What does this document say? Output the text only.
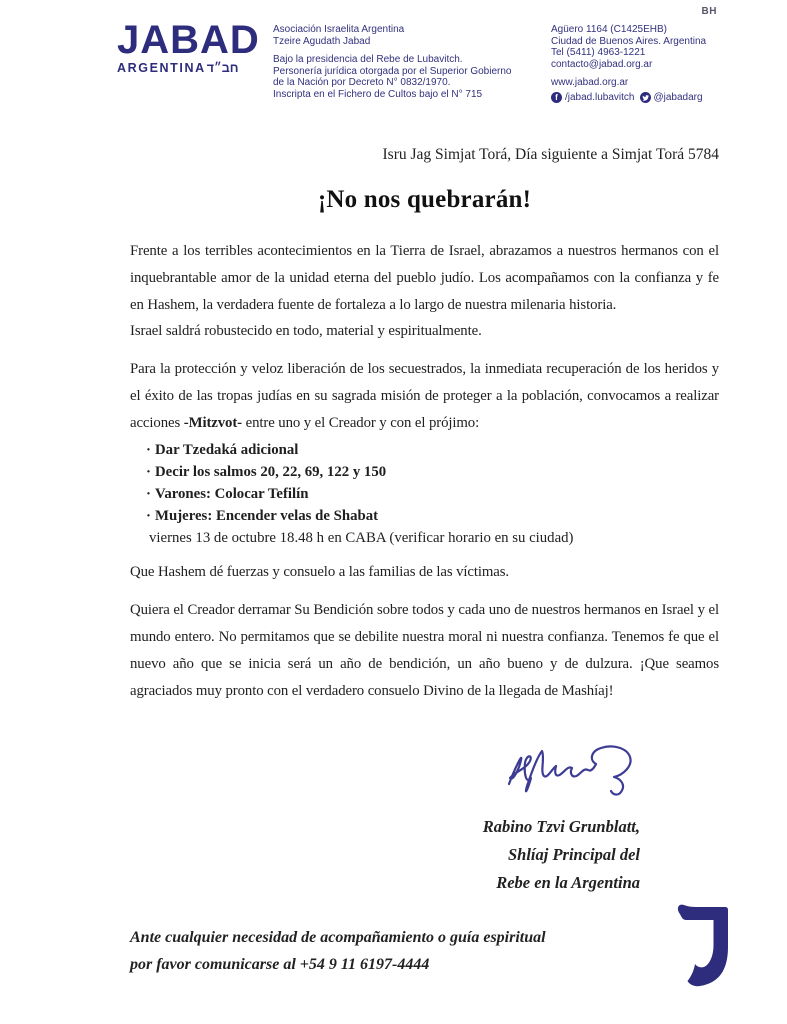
BH
JABAD
ARGENTINAחב״ד
Asociación Israelita Argentina
Tzeire Agudath Jabad
Bajo la presidencia del Rebe de Lubavitch.
Personería jurídica otorgada por el Superior Gobierno
de la Nación por Decreto N° 0832/1970.
Inscripta en el Fichero de Cultos bajo el N° 715
Agüero 1164 (C1425EHB)
Ciudad de Buenos Aires. Argentina
Tel (5411) 4963-1221
contacto@jabad.org.ar
www.jabad.org.ar
f /jabad.lubavitch @jabadarg
Isru Jag Simjat Torá, Día siguiente a Simjat Torá 5784
¡No nos quebrarán!

Frente a los terribles acontecimientos en la Tierra de Israel, abrazamos a nuestros hermanos con el inquebrantable amor de la unidad eterna del pueblo judío. Los acompañamos con la confianza y fe en Hashem, la verdadera fuente de fortaleza a lo largo de nuestra milenaria historia.

Israel saldrá robustecido en todo, material y espiritualmente.

Para la protección y veloz liberación de los secuestrados, la inmediata recuperación de los heridos y el éxito de las tropas judías en su sagrada misión de proteger a la población, convocamos a realizar acciones -Mitzvot- entre uno y el Creador y con el prójimo:

· Dar Tzedaká adicional
· Decir los salmos 20, 22, 69, 122 y 150
· Varones: Colocar Tefilín
· Mujeres: Encender velas de Shabat
viernes 13 de octubre 18.48 h en CABA (verificar horario en su ciudad)

Que Hashem dé fuerzas y consuelo a las familias de las víctimas.

Quiera el Creador derramar Su Bendición sobre todos y cada uno de nuestros hermanos en Israel y el mundo entero. No permitamos que se debilite nuestra moral ni nuestra confianza. Tenemos fe que el nuevo año que se inicia será un año de bendición, un año bueno y de dulzura. ¡Que seamos agraciados muy pronto con el verdadero consuelo Divino de la llegada de Mashíaj!

Rabino Tzvi Grunblatt,
Shlíaj Principal del
Rebe en la Argentina
Ante cualquier necesidad de acompañamiento o guía espiritual
por favor comunicarse al +54 9 11 6197-4444
